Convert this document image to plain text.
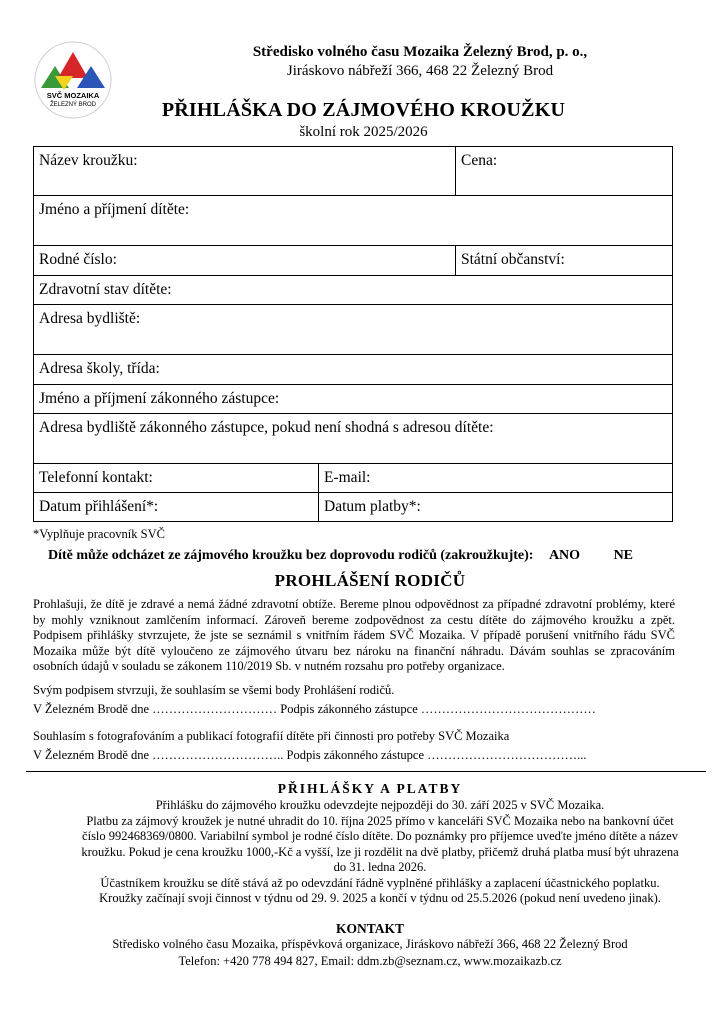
SVČ MOZAIKA
ŽELEZNÝ BROD
Středisko volného času Mozaika Železný Brod, p. o.,
Jiráskovo nábřeží 366, 468 22 Železný Brod
PŘIHLÁŠKA DO ZÁJMOVÉHO KROUŽKU
školní rok 2025/2026
Název kroužku:	Cena:
Jméno a příjmení dítěte:
Rodné číslo:	Státní občanství:
Zdravotní stav dítěte:
Adresa bydliště:
Adresa školy, třída:
Jméno a příjmení zákonného zástupce:
Adresa bydliště zákonného zástupce, pokud není shodná s adresou dítěte:
Telefonní kontakt:	E-mail:
Datum přihlášení*:	Datum platby*:
*Vyplňuje pracovník SVČ
Dítě může odcházet ze zájmového kroužku bez doprovodu rodičů (zakroužkujte): ANO NE
PROHLÁŠENÍ RODIČŮ
Prohlašuji, že dítě je zdravé a nemá žádné zdravotní obtíže. Bereme plnou odpovědnost za případné zdravotní problémy, které by mohly vzniknout zamlčením informací. Zároveň bereme zodpovědnost za cestu dítěte do zájmového kroužku a zpět. Podpisem přihlášky stvrzujete, že jste se seznámil s vnitřním řádem SVČ Mozaika. V případě porušení vnitřního řádu SVČ Mozaika může být dítě vyloučeno ze zájmového útvaru bez nároku na finanční náhradu. Dávám souhlas se zpracováním osobních údajů v souladu se zákonem 110/2019 Sb. v nutném rozsahu pro potřeby organizace.
Svým podpisem stvrzuji, že souhlasím se všemi body Prohlášení rodičů.
V Železném Brodě dne ………………………… Podpis zákonného zástupce ……………………………………
Souhlasím s fotografováním a publikací fotografií dítěte při činnosti pro potřeby SVČ Mozaika
V Železném Brodě dne ………………………….. Podpis zákonného zástupce ………………………………...
PŘIHLÁŠKY A PLATBY

Přihlášku do zájmového kroužku odevzdejte nejpozději do 30. září 2025 v SVČ Mozaika.

Platbu za zájmový kroužek je nutné uhradit do 10. října 2025 přímo v kanceláři SVČ Mozaika nebo na bankovní účet číslo 992468369/0800. Variabilní symbol je rodné číslo dítěte. Do poznámky pro příjemce uveďte jméno dítěte a název kroužku. Pokud je cena kroužku 1000,-Kč a vyšší, lze ji rozdělit na dvě platby, přičemž druhá platba musí být uhrazena do 31. ledna 2026.

Účastníkem kroužku se dítě stává až po odevzdání řádně vyplněné přihlášky a zaplacení účastnického poplatku.

Kroužky začínají svoji činnost v týdnu od 29. 9. 2025 a končí v týdnu od 25.5.2026 (pokud není uvedeno jinak).

KONTAKT
Středisko volného času Mozaika, příspěvková organizace, Jiráskovo nábřeží 366, 468 22 Železný Brod
Telefon: +420 778 494 827, Email: ddm.zb@seznam.cz, www.mozaikazb.cz
